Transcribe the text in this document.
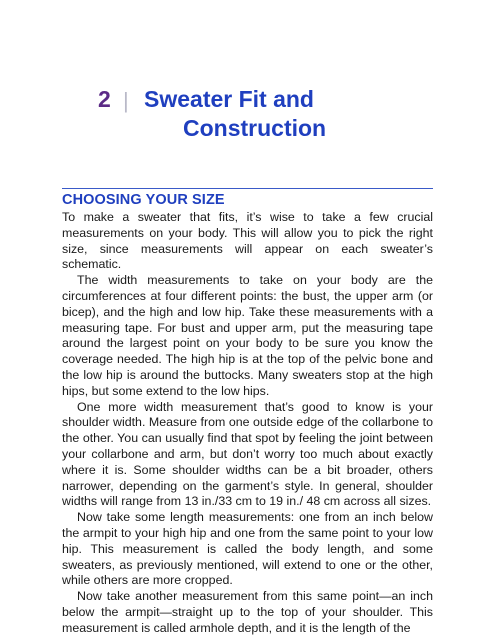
2 | Sweater Fit and
Construction
CHOOSING YOUR SIZE

To make a sweater that fits, it’s wise to take a few crucial measurements on your body. This will allow you to pick the right size, since measurements will appear on each sweater’s schematic.

The width measurements to take on your body are the circumferences at four different points: the bust, the upper arm (or bicep), and the high and low hip. Take these measurements with a measuring tape. For bust and upper arm, put the measuring tape around the largest point on your body to be sure you know the coverage needed. The high hip is at the top of the pelvic bone and the low hip is around the buttocks. Many sweaters stop at the high hips, but some extend to the low hips.

One more width measurement that’s good to know is your shoulder width. Measure from one outside edge of the collarbone to the other. You can usually find that spot by feeling the joint between your collarbone and arm, but don’t worry too much about exactly where it is. Some shoulder widths can be a bit broader, others narrower, depending on the garment’s style. In general, shoulder widths will range from 13 in./33 cm to 19 in./ 48 cm across all sizes.

Now take some length measurements: one from an inch below the armpit to your high hip and one from the same point to your low hip. This measurement is called the body length, and some sweaters, as previously mentioned, will extend to one or the other, while others are more cropped.

Now take another measurement from this same point—an inch below the armpit—straight up to the top of your shoulder. This measurement is called armhole depth, and it is the length of the
